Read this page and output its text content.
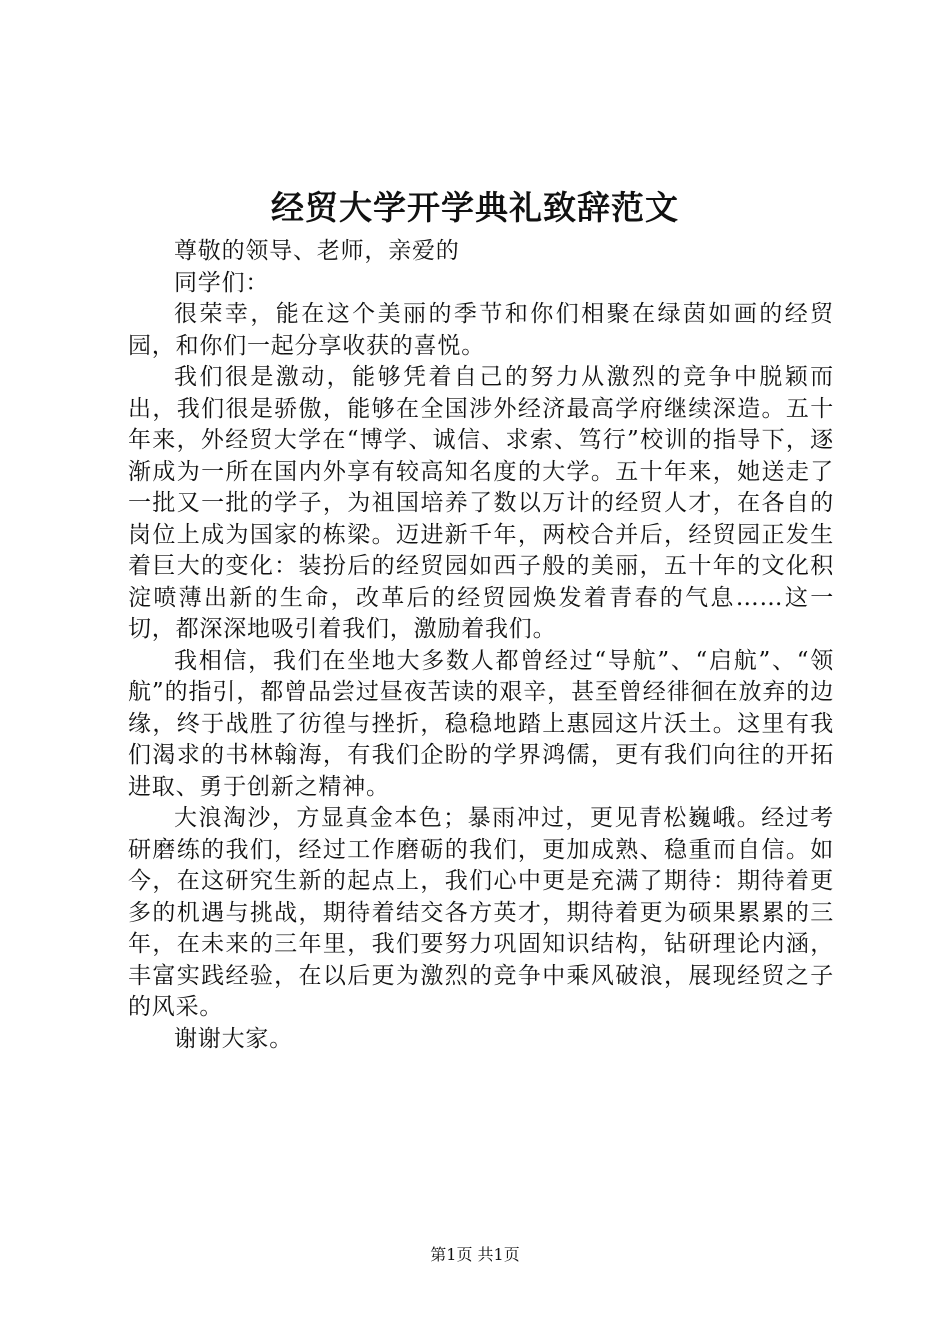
经贸大学开学典礼致辞范文

尊敬的领导、老师，亲爱的

同学们：

很荣幸，能在这个美丽的季节和你们相聚在绿茵如画的经贸园，和你们一起分享收获的喜悦。

我们很是激动，能够凭着自己的努力从激烈的竞争中脱颖而出，我们很是骄傲，能够在全国涉外经济最高学府继续深造。五十年来，外经贸大学在“博学、诚信、求索、笃行”校训的指导下，逐渐成为一所在国内外享有较高知名度的大学。五十年来，她送走了一批又一批的学子，为祖国培养了数以万计的经贸人才，在各自的岗位上成为国家的栋梁。迈进新千年，两校合并后，经贸园正发生着巨大的变化：装扮后的经贸园如西子般的美丽，五十年的文化积淀喷薄出新的生命，改革后的经贸园焕发着青春的气息……这一切，都深深地吸引着我们，激励着我们。

我相信，我们在坐地大多数人都曾经过“导航”、“启航”、“领航”的指引，都曾品尝过昼夜苦读的艰辛，甚至曾经徘徊在放弃的边缘，终于战胜了彷徨与挫折，稳稳地踏上惠园这片沃土。这里有我们渴求的书林翰海，有我们企盼的学界鸿儒，更有我们向往的开拓进取、勇于创新之精神。

大浪淘沙，方显真金本色；暴雨冲过，更见青松巍峨。经过考研磨练的我们，经过工作磨砺的我们，更加成熟、稳重而自信。如今，在这研究生新的起点上，我们心中更是充满了期待：期待着更多的机遇与挑战，期待着结交各方英才，期待着更为硕果累累的三年，在未来的三年里，我们要努力巩固知识结构，钻研理论内涵，丰富实践经验，在以后更为激烈的竞争中乘风破浪，展现经贸之子的风采。

谢谢大家。

第1页 共1页
